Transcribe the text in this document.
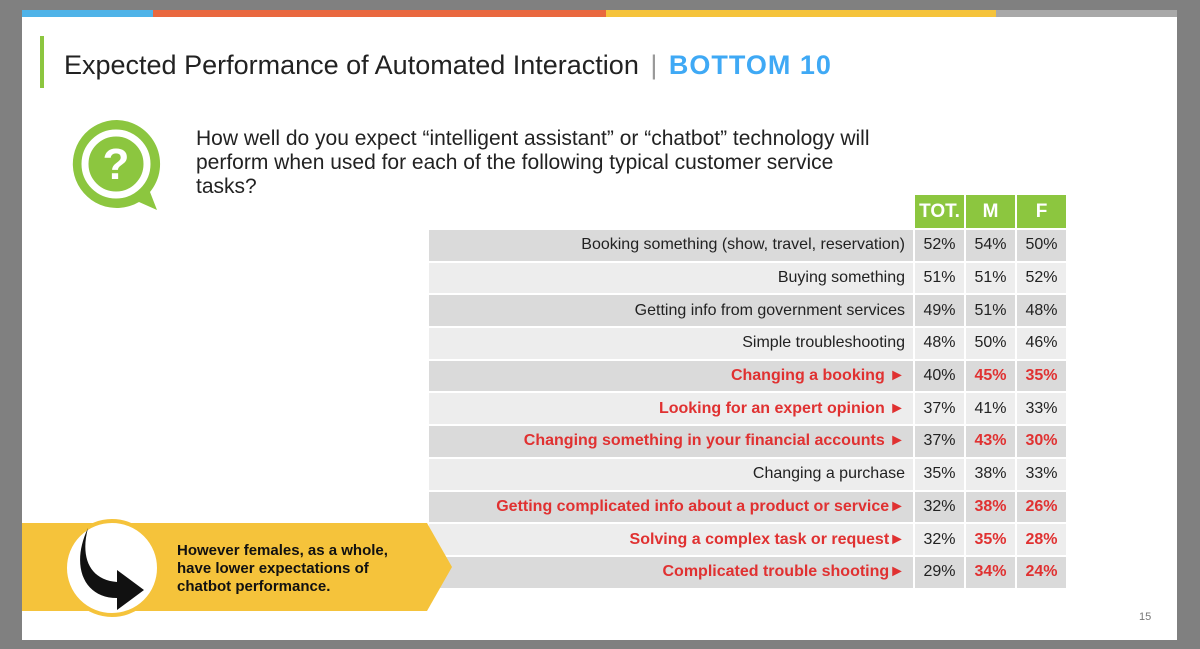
Expected Performance of Automated Interaction | BOTTOM 10
?
How well do you expect “intelligent assistant” or “chatbot” technology will perform when used for each of the following typical customer service tasks?
	TOT.	M	F
Booking something (show, travel, reservation)	52%	54%	50%
Buying something	51%	51%	52%
Getting info from government services	49%	51%	48%
Simple troubleshooting	48%	50%	46%
Changing a booking ►	40%	45%	35%
Looking for an expert opinion ►	37%	41%	33%
Changing something in your financial accounts ►	37%	43%	30%
Changing a purchase	35%	38%	33%
Getting complicated info about a product or service►	32%	38%	26%
Solving a complex task or request►	32%	35%	28%
Complicated trouble shooting►	29%	34%	24%
However females, as a whole, have lower expectations of chatbot performance.
15
